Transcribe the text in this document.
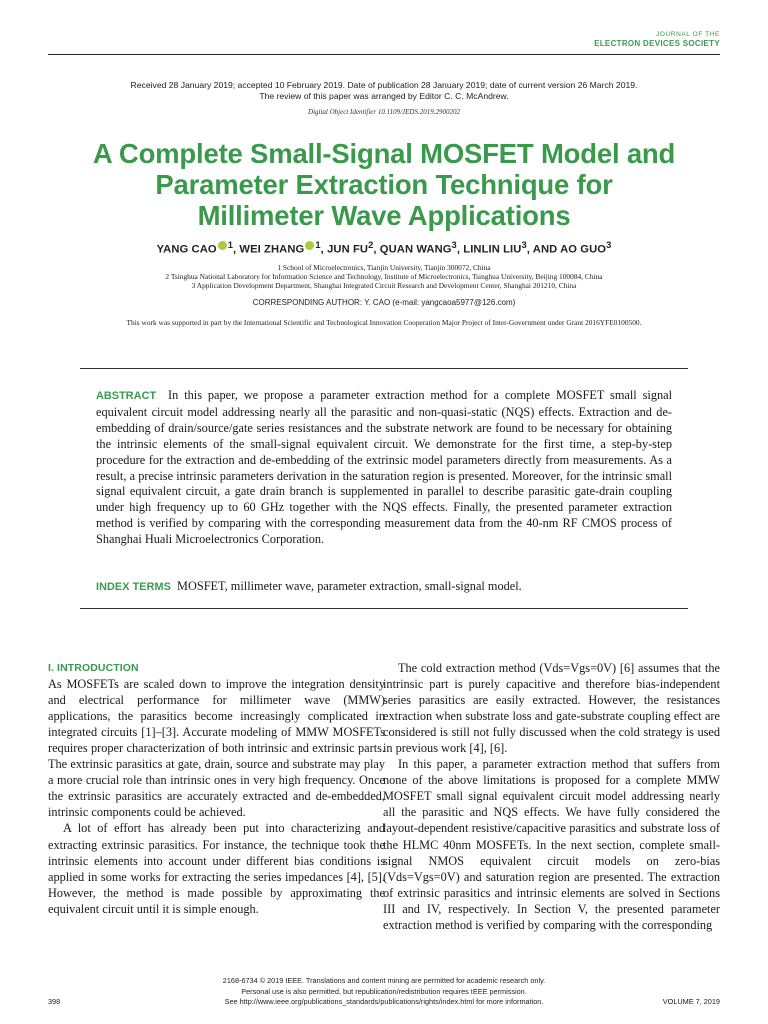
JOURNAL OF THE
ELECTRON DEVICES SOCIETY
Received 28 January 2019; accepted 10 February 2019. Date of publication 28 January 2019; date of current version 26 March 2019.
The review of this paper was arranged by Editor C. C. McAndrew.
Digital Object Identifier 10.1109/JEDS.2019.2900202
A Complete Small-Signal MOSFET Model and
Parameter Extraction Technique for
Millimeter Wave Applications
YANG CAO $^1$, WEI ZHANG $^1$, JUN $FU^2$, QUAN WANG$^3$, LINLIN LIU$^3$, AND AO GUO$^3$
1 School of Microelectronics, Tianjin University, Tianjin 300072, China
2 Tsinghua National Laboratory for Information Science and Technology, Institute of Microelectronics, Tsinghua University, Beijing 100084, China
3 Application Development Department, Shanghai Integrated Circuit Research and Development Center, Shanghai 201210, China
CORRESPONDING AUTHOR: Y. CAO (e-mail: yangcaoa5977@126.com)
This work was supported in part by the International Scientific and Technological Innovation Cooperation Major Project of Inter-Government under Grant 2016YFE0100500.
ABSTRACT In this paper, we propose a parameter extraction method for a complete MOSFET small signal equivalent circuit model addressing nearly all the parasitic and non-quasi-static (NQS) effects. Extraction and de-embedding of drain/source/gate series resistances and the substrate network are found to be necessary for obtaining the intrinsic elements of the small-signal equivalent circuit. We demonstrate for the first time, a step-by-step procedure for the extraction and de-embedding of the extrinsic model parameters directly from measurements. As a result, a precise intrinsic parameters derivation in the saturation region is presented. Moreover, for the intrinsic small signal equivalent circuit, a gate drain branch is supplemented in parallel to describe parasitic gate-drain coupling under high frequency up to 60 GHz together with the NQS effects. Finally, the presented parameter extraction method is verified by comparing with the corresponding measurement data from the 40-nm RF CMOS process of Shanghai Huali Microelectronics Corporation.
INDEX TERMS MOSFET, millimeter wave, parameter extraction, small-signal model.
I. INTRODUCTION

As MOSFETs are scaled down to improve the integration density and electrical performance for millimeter wave (MMW) applications, the parasitics become increasingly complicated in integrated circuits [1]–[3]. Accurate modeling of MMW MOSFETs requires proper characterization of both intrinsic and extrinsic parts. The extrinsic parasitics at gate, drain, source and substrate may play a more crucial role than intrinsic ones in very high frequency. Once the extrinsic parasitics are accurately extracted and de-embedded, intrinsic components could be achieved.

A lot of effort has already been put into characterizing and extracting extrinsic parasitics. For instance, the technique took the intrinsic elements into account under different bias conditions is applied in some works for extracting the series impedances [4], [5]. However, the method is made possible by approximating the equivalent circuit until it is simple enough.

The cold extraction method (Vds=Vgs=0V) [6] assumes that the intrinsic part is purely capacitive and therefore bias-independent series parasitics are easily extracted. However, the resistances extraction when substrate loss and gate-substrate coupling effect are considered is still not fully discussed when the cold strategy is used in previous work [4], [6].

In this paper, a parameter extraction method that suffers from none of the above limitations is proposed for a complete MMW MOSFET small signal equivalent circuit model addressing nearly all the parasitic and NQS effects. We have fully considered the layout-dependent resistive/capacitive parasitics and substrate loss of the HLMC 40nm MOSFETs. In the next section, complete small-signal NMOS equivalent circuit models on zero-bias (Vds=Vgs=0V) and saturation region are presented. The extraction of extrinsic parasitics and intrinsic elements are solved in Sections III and IV, respectively. In Section V, the presented parameter extraction method is verified by comparing with the corresponding

2168-6734 © 2019 IEEE. Translations and content mining are permitted for academic research only.
Personal use is also permitted, but republication/redistribution requires IEEE permission.
See http://www.ieee.org/publications_standards/publications/rights/index.html for more information.
398	VOLUME 7, 2019
